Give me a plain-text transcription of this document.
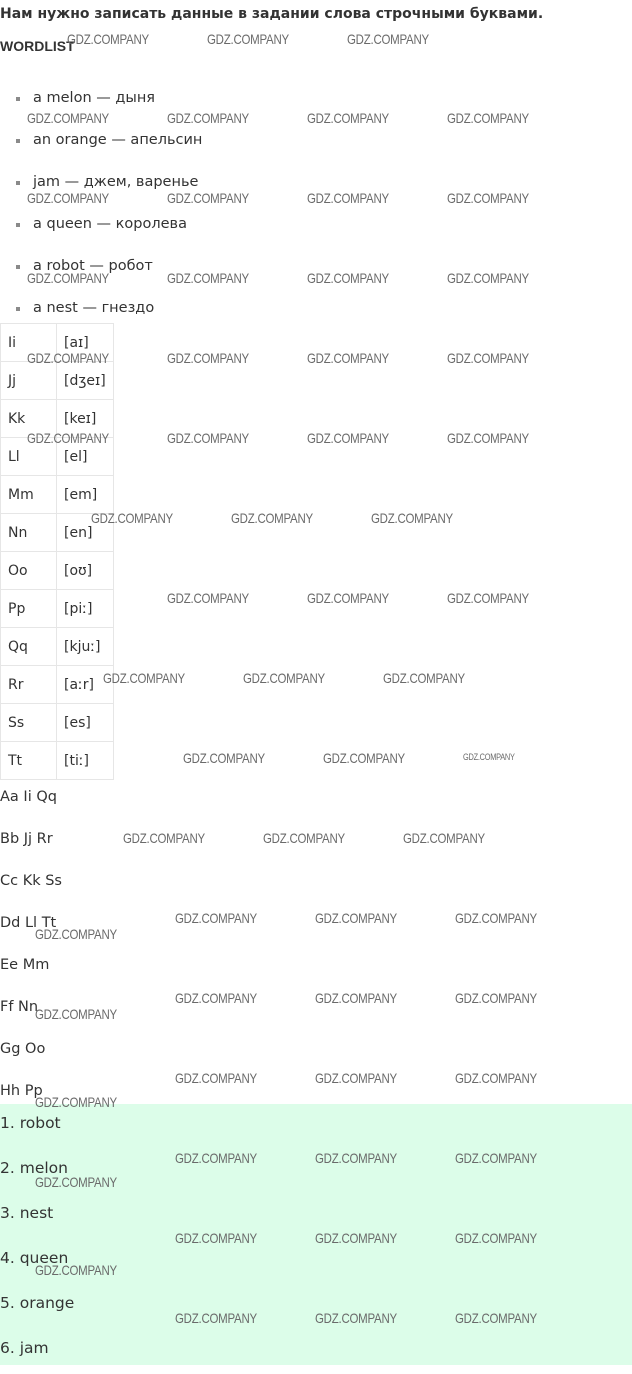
Нам нужно записать данные в задании слова строчными буквами.
WORDLIST
a melon — дыня
an orange — апельсин
jam — джем, варенье
a queen — королева
a robot — робот
a nest — гнездо
Ii	[aɪ]
Jj	[dʒeɪ]
Kk	[keɪ]
Ll	[el]
Mm	[em]
Nn	[en]
Oo	[oʊ]
Pp	[piː]
Qq	[kjuː]
Rr	[aːr]
Ss	[es]
Tt	[tiː]
Aa Ii Qq
Bb Jj Rr
Cc Kk Ss
Dd Ll Tt
Ee Mm
Ff Nn
Gg Oo
Hh Pp
1. robot
2. melon
3. nest
4. queen
5. orange
6. jam
GDZ.COMPANY	GDZ.COMPANY	GDZ.COMPANY
GDZ.COMPANY	GDZ.COMPANY	GDZ.COMPANY	GDZ.COMPANY
GDZ.COMPANY	GDZ.COMPANY	GDZ.COMPANY	GDZ.COMPANY
GDZ.COMPANY	GDZ.COMPANY	GDZ.COMPANY	GDZ.COMPANY
GDZ.COMPANY	GDZ.COMPANY	GDZ.COMPANY	GDZ.COMPANY
GDZ.COMPANY	GDZ.COMPANY	GDZ.COMPANY	GDZ.COMPANY
GDZ.COMPANY	GDZ.COMPANY	GDZ.COMPANY
GDZ.COMPANY	GDZ.COMPANY	GDZ.COMPANY
GDZ.COMPANY	GDZ.COMPANY	GDZ.COMPANY
GDZ.COMPANY	GDZ.COMPANY	GDZ.COMPANY
GDZ.COMPANY	GDZ.COMPANY	GDZ.COMPANY
GDZ.COMPANY	GDZ.COMPANY	GDZ.COMPANY
GDZ.COMPANY
GDZ.COMPANY	GDZ.COMPANY	GDZ.COMPANY
GDZ.COMPANY
GDZ.COMPANY	GDZ.COMPANY	GDZ.COMPANY
GDZ.COMPANY
GDZ.COMPANY	GDZ.COMPANY	GDZ.COMPANY
GDZ.COMPANY
GDZ.COMPANY	GDZ.COMPANY	GDZ.COMPANY
GDZ.COMPANY
GDZ.COMPANY	GDZ.COMPANY	GDZ.COMPANY
